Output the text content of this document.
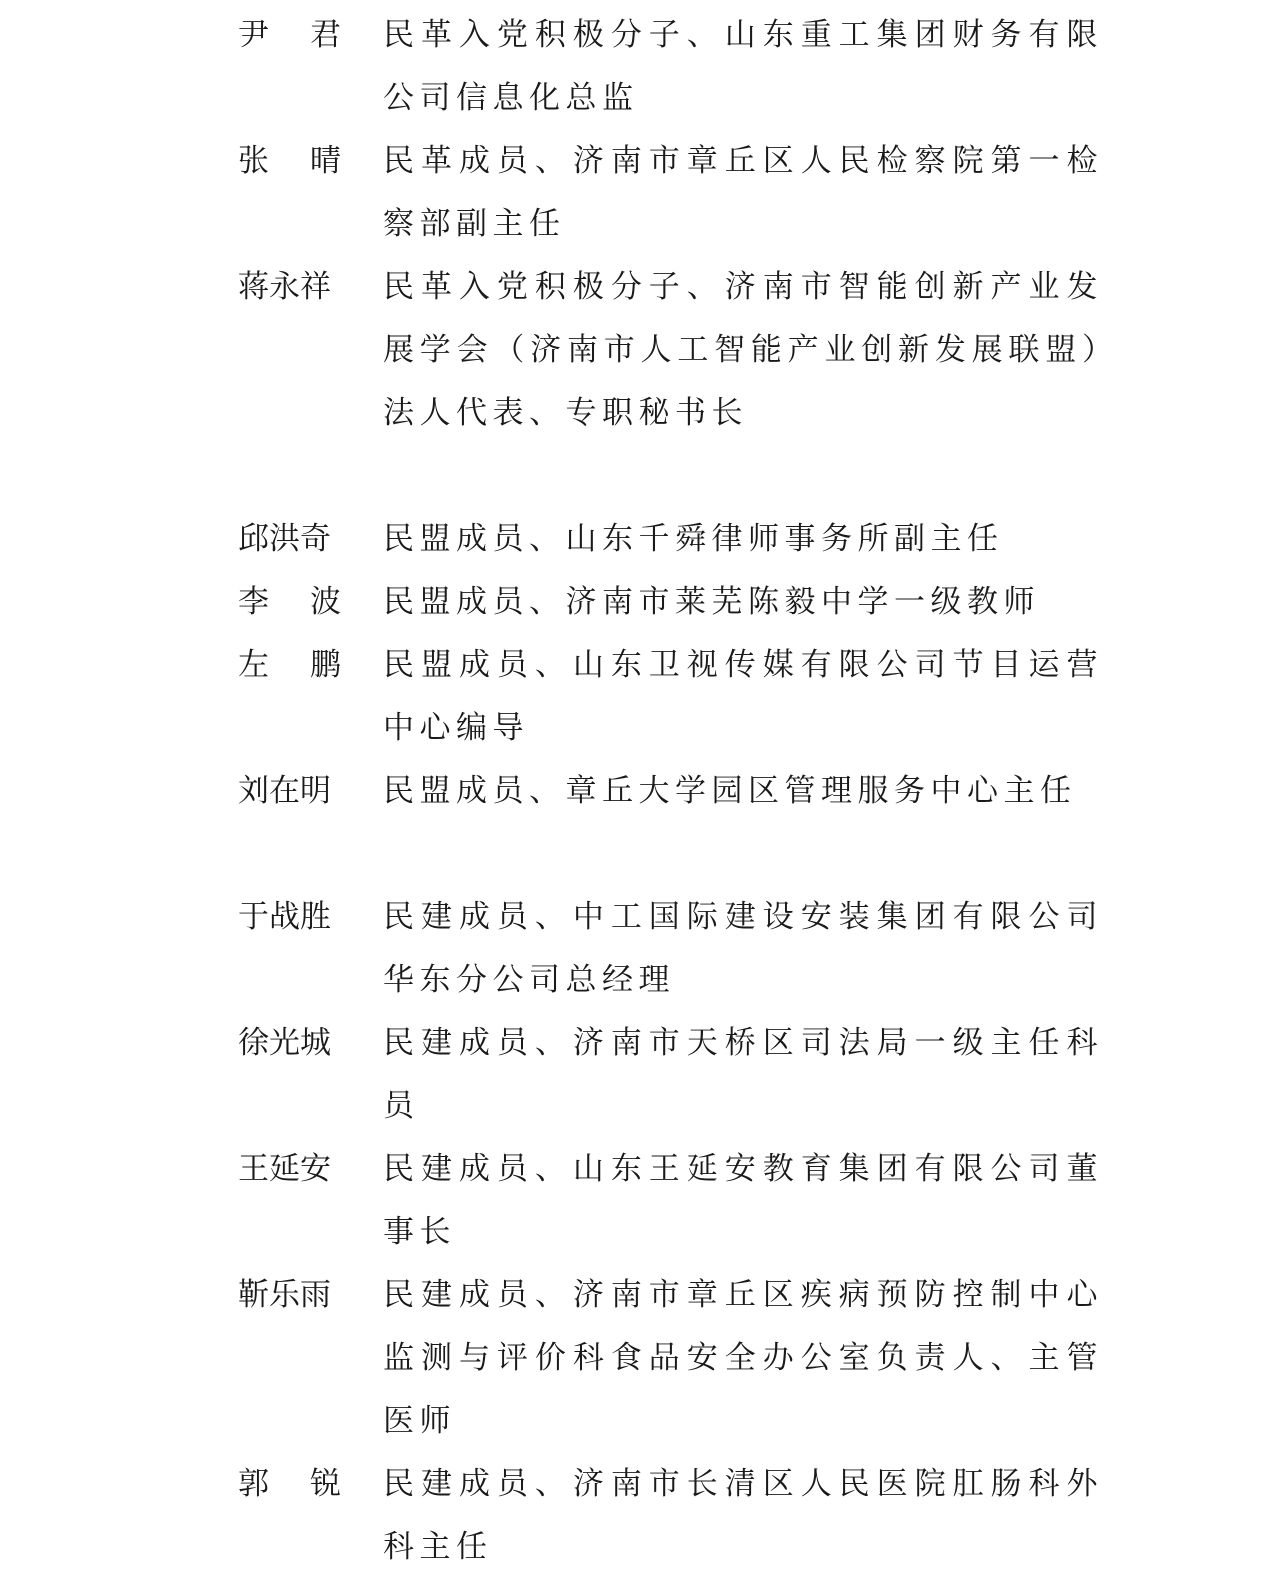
尹 君 民革入党积极分子、山东重工集团财务有限公司信息化总监
张 晴 民革成员、济南市章丘区人民检察院第一检察部副主任
蒋永祥	民革入党积极分子、济南市智能创新产业发展学会（济南市人工智能产业创新发展联盟）法人代表、专职秘书长
邱洪奇	民盟成员、山东千舜律师事务所副主任
李 波 民盟成员、济南市莱芜陈毅中学一级教师
左 鹏 民盟成员、山东卫视传媒有限公司节目运营中心编导
刘在明	民盟成员、章丘大学园区管理服务中心主任
于战胜	民建成员、中工国际建设安装集团有限公司华东分公司总经理
徐光城	民建成员、济南市天桥区司法局一级主任科员
王延安	民建成员、山东王延安教育集团有限公司董事长
靳乐雨	民建成员、济南市章丘区疾病预防控制中心监测与评价科食品安全办公室负责人、主管医师
郭 锐 民建成员、济南市长清区人民医院肛肠科外科主任
